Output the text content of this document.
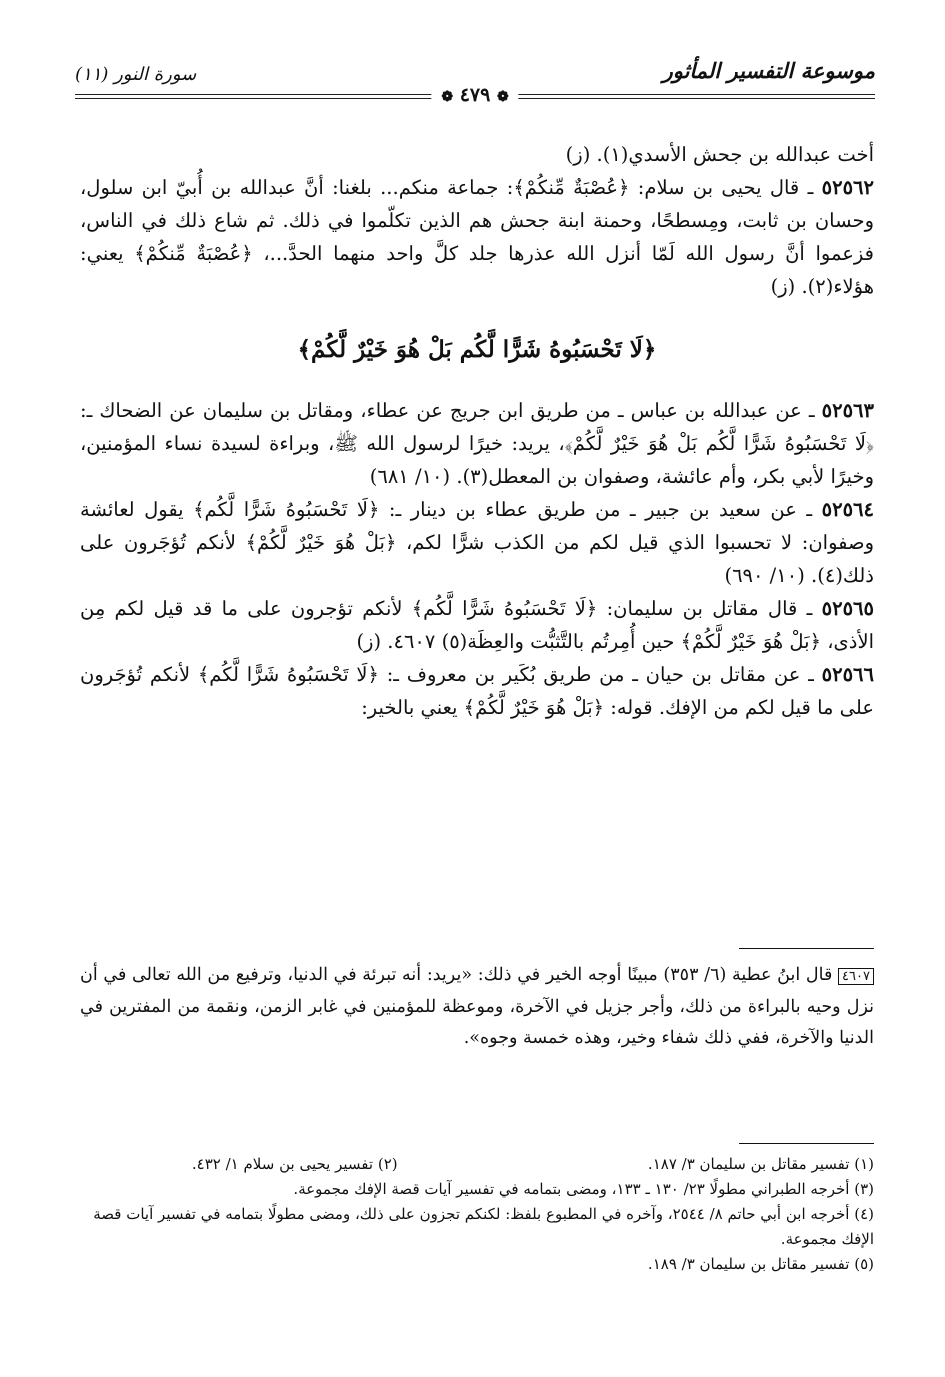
موسوعة التفسير المأثور
سورة النور (١١)
❁ ٤٧٩ ❁

أخت عبدالله بن جحش الأسدي(١). (ز)

٥٢٥٦٢ ـ قال يحيى بن سلام: ﴿عُصْبَةٌ مِّنكُمْ﴾: جماعة منكم... بلغنا: أنَّ عبدالله بن أُبيّ ابن سلول، وحسان بن ثابت، ومِسطحًا، وحمنة ابنة جحش هم الذين تكلّموا في ذلك. ثم شاع ذلك في الناس، فزعموا أنَّ رسول الله لَمّا أنزل الله عذرها جلد كلَّ واحد منهما الحدَّ...، ﴿عُصْبَةٌ مِّنكُمْ﴾ يعني: هؤلاء(٢). (ز)

﴿لَا تَحْسَبُوهُ شَرًّا لَّكُم بَلْ هُوَ خَيْرٌ لَّكُمْ﴾

٥٢٥٦٣ ـ عن عبدالله بن عباس ـ من طريق ابن جريج عن عطاء، ومقاتل بن سليمان عن الضحاك ـ: ﴿لَا تَحْسَبُوهُ شَرًّا لَّكُم بَلْ هُوَ خَيْرٌ لَّكُمْ﴾، يريد: خيرًا لرسول الله ﷺ، وبراءة لسيدة نساء المؤمنين، وخيرًا لأبي بكر، وأم عائشة، وصفوان بن المعطل(٣). (١٠/ ٦٨١)

٥٢٥٦٤ ـ عن سعيد بن جبير ـ من طريق عطاء بن دينار ـ: ﴿لَا تَحْسَبُوهُ شَرًّا لَّكُم﴾ يقول لعائشة وصفوان: لا تحسبوا الذي قيل لكم من الكذب شرًّا لكم، ﴿بَلْ هُوَ خَيْرٌ لَّكُمْ﴾ لأنكم تُؤجَرون على ذلك(٤). (١٠/ ٦٩٠)

٥٢٥٦٥ ـ قال مقاتل بن سليمان: ﴿لَا تَحْسَبُوهُ شَرًّا لَّكُم﴾ لأنكم تؤجرون على ما قد قيل لكم مِن الأذى، ﴿بَلْ هُوَ خَيْرٌ لَّكُمْ﴾ حين أُمِرتُم بالتَّثبُّت والعِظَة(٥) ٤٦٠٧. (ز)

٥٢٥٦٦ ـ عن مقاتل بن حيان ـ من طريق بُكَير بن معروف ـ: ﴿لَا تَحْسَبُوهُ شَرًّا لَّكُم﴾ لأنكم تُؤجَرون على ما قيل لكم من الإفك. قوله: ﴿بَلْ هُوَ خَيْرٌ لَّكُمْ﴾ يعني بالخير:

٤٦٠٧ قال ابنُ عطية (٦/ ٣٥٣) مبينًا أوجه الخير في ذلك: «يريد: أنه تبرئة في الدنيا، وترفيع من الله تعالى في أن نزل وحيه بالبراءة من ذلك، وأجر جزيل في الآخرة، وموعظة للمؤمنين في غابر الزمن، ونقمة من المفترين في الدنيا والآخرة، ففي ذلك شفاء وخير، وهذه خمسة وجوه».
(١) تفسير مقاتل بن سليمان ٣/ ١٨٧.
(٢) تفسير يحيى بن سلام ١/ ٤٣٢.

(٣) أخرجه الطبراني مطولًا ٢٣/ ١٣٠ ـ ١٣٣، ومضى بتمامه في تفسير آيات قصة الإفك مجموعة.

(٤) أخرجه ابن أبي حاتم ٨/ ٢٥٤٤، وآخره في المطبوع بلفظ: لكنكم تجزون على ذلك، ومضى مطولًا بتمامه في تفسير آيات قصة الإفك مجموعة.

(٥) تفسير مقاتل بن سليمان ٣/ ١٨٩.
